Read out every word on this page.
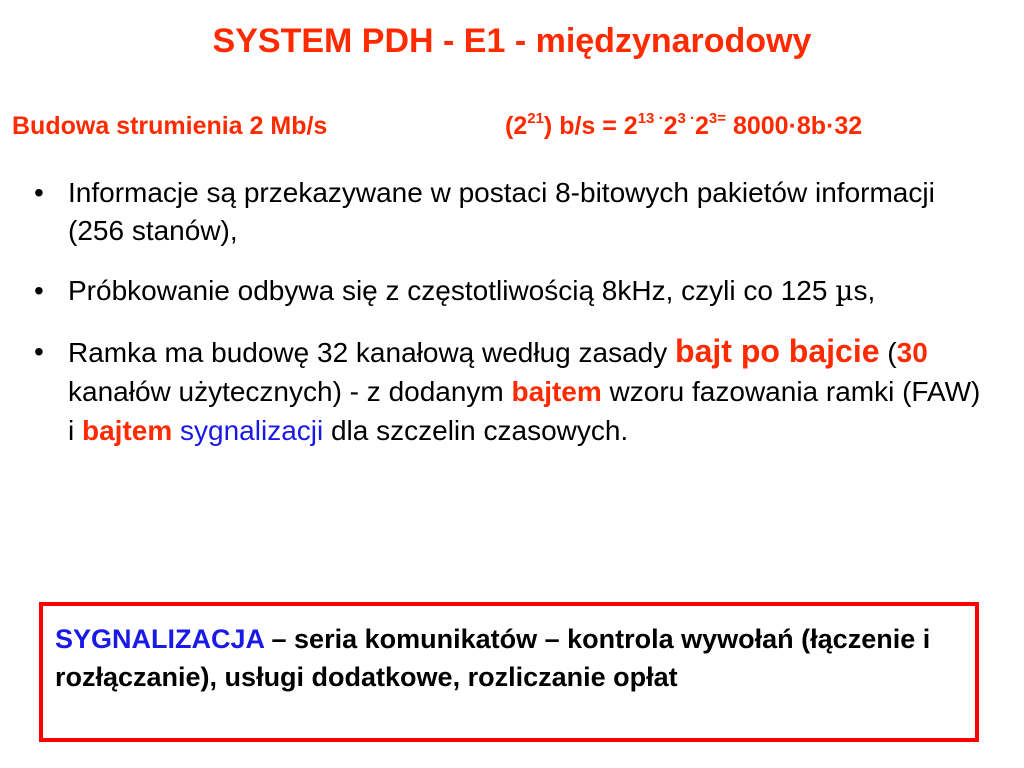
SYSTEM PDH - E1 - międzynarodowy
Budowa strumienia 2 Mb/s	$(2^{21}) b/s = 2^{13}$ $^\cdot 2^3$ $^\cdot 2^{3=}$ 8000·8b·32
• Informacje są przekazywane w postaci 8-bitowych pakietów informacji (256 stanów),
• Próbkowanie odbywa się z częstotliwością 8kHz, czyli co 125 µs,
• Ramka ma budowę 32 kanałową według zasady bajt po bajcie (30 kanałów użytecznych) - z dodanym bajtem wzoru fazowania ramki (FAW) i bajtem sygnalizacji dla szczelin czasowych.
SYGNALIZACJA – seria komunikatów – kontrola wywołań (łączenie i rozłączanie), usługi dodatkowe, rozliczanie opłat
